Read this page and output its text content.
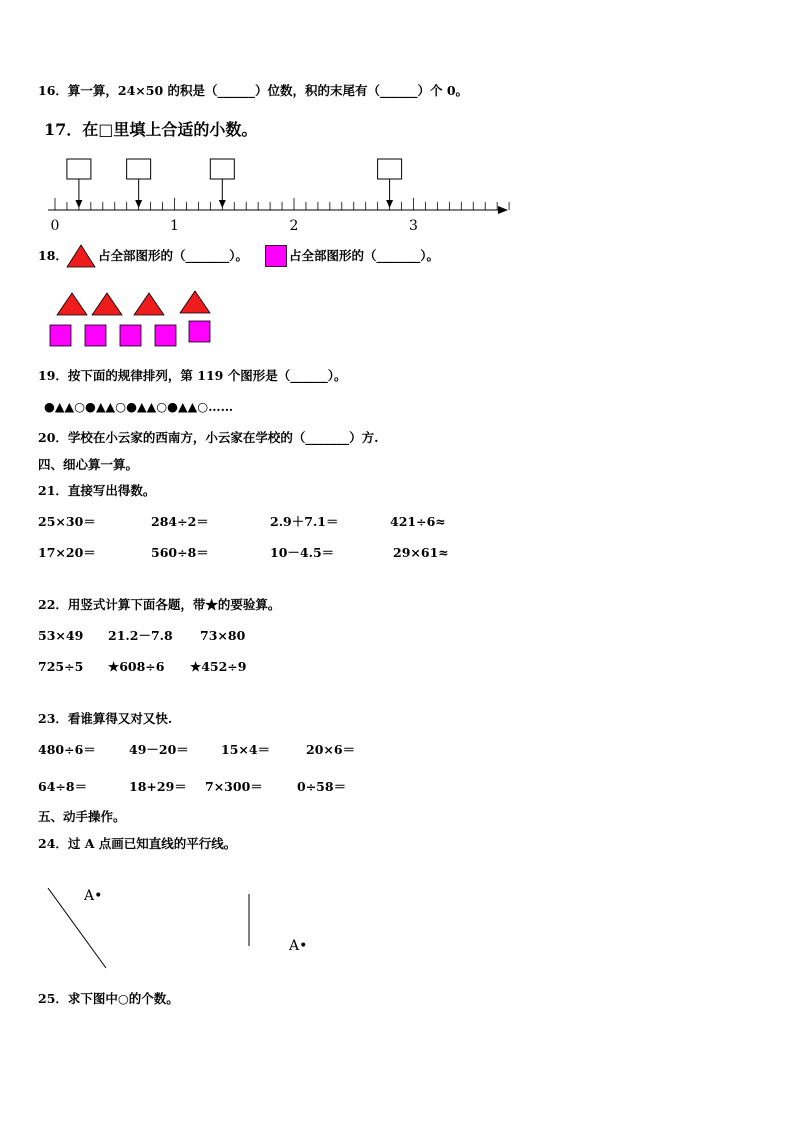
16．算一算，24×50 的积是（______）位数，积的末尾有（______）个 0。
17．在□里填上合适的小数。
0	1	2	3
18． 占全部图形的（_______）。	占全部图形的（_______）。
19．按下面的规律排列，第 119 个图形是（______）。
●▲▲○●▲▲○●▲▲○●▲▲○……
20．学校在小云家的西南方，小云家在学校的（_______）方.
四、细心算一算。
21．直接写出得数。
25×30＝	284÷2＝	2.9＋7.1＝	421÷6≈
17×20＝	560÷8＝	10－4.5＝	29×61≈
22．用竖式计算下面各题，带★的要验算。
53×49 21.2－7.8 73×80
725÷5 ★608÷6 ★452÷9
23．看谁算得又对又快.
480÷6＝	49－20＝	15×4＝	20×6＝
64÷8＝	18+29＝ 7×300＝	0÷58＝
五、动手操作。
24．过 A 点画已知直线的平行线。
A•
A•
25．求下图中○的个数。
